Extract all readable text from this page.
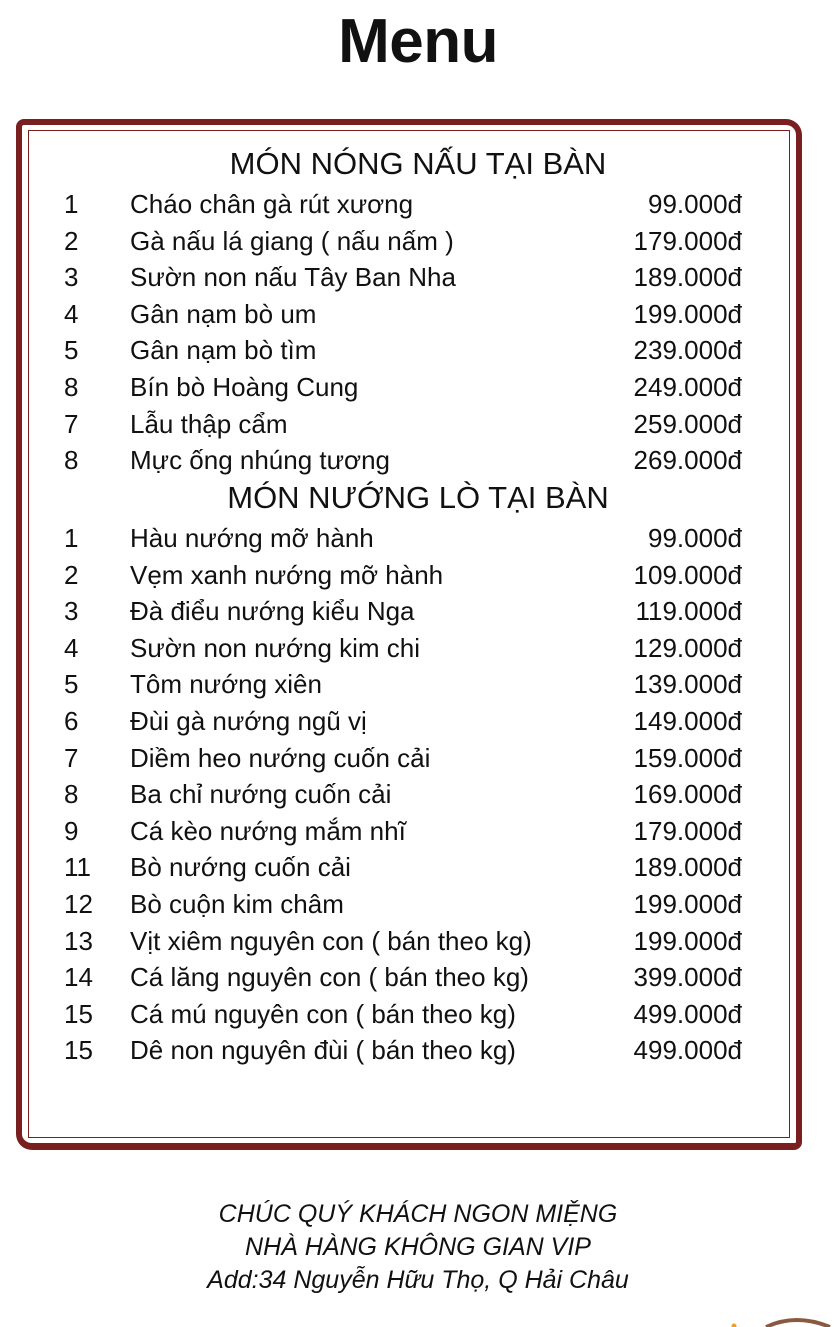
Menu
MÓN NÓNG NẤU TẠI BÀN
1 Cháo chân gà rút xương	99.000đ
2 Gà nấu lá giang ( nấu nấm )	179.000đ
3 Sườn non nấu Tây Ban Nha	189.000đ
4 Gân nạm bò um	199.000đ
5 Gân nạm bò tìm	239.000đ
8 Bín bò Hoàng Cung	249.000đ
7 Lẫu thập cẩm	259.000đ
8 Mực ống nhúng tương	269.000đ
MÓN NƯỚNG LÒ TẠI BÀN
1 Hàu nướng mỡ hành	99.000đ
2 Vẹm xanh nướng mỡ hành	109.000đ
3 Đà điểu nướng kiểu Nga	119.000đ
4 Sườn non nướng kim chi	129.000đ
5 Tôm nướng xiên	139.000đ
6 Đùi gà nướng ngũ vị	149.000đ
7 Diềm heo nướng cuốn cải	159.000đ
8 Ba chỉ nướng cuốn cải	169.000đ
9 Cá kèo nướng mắm nhĩ	179.000đ
11 Bò nướng cuốn cải	189.000đ
12 Bò cuộn kim châm	199.000đ
13 Vịt xiêm nguyên con ( bán theo kg)	199.000đ
14 Cá lăng nguyên con ( bán theo kg)	399.000đ
15 Cá mú nguyên con ( bán theo kg)	499.000đ
15 Dê non nguyên đùi ( bán theo kg)	499.000đ
CHÚC QUÝ KHÁCH NGON MIỆNG
NHÀ HÀNG KHÔNG GIAN VIP
Add:34 Nguyễn Hữu Thọ, Q Hải Châu
